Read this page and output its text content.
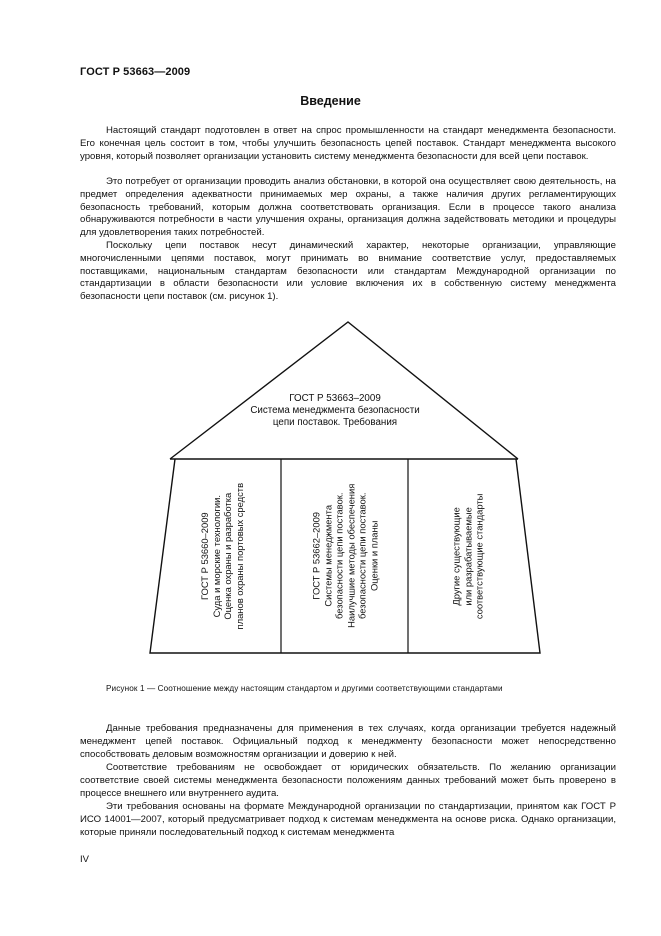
ГОСТ Р 53663—2009
Введение

Настоящий стандарт подготовлен в ответ на спрос промышленности на стандарт менеджмента безопасности. Его конечная цель состоит в том, чтобы улучшить безопасность цепей поставок. Стандарт менеджмента высокого уровня, который позволяет организации установить систему менеджмента безопасности для всей цепи поставок.

Это потребует от организации проводить анализ обстановки, в которой она осуществляет свою деятельность, на предмет определения адекватности принимаемых мер охраны, а также наличия других регламентирующих безопасность требований, которым должна соответствовать организация. Если в процессе такого анализа обнаруживаются потребности в части улучшения охраны, организация должна задействовать методики и процедуры для удовлетворения таких потребностей.

Поскольку цепи поставок несут динамический характер, некоторые организации, управляющие многочисленными цепями поставок, могут принимать во внимание соответствие услуг, предоставляемых поставщиками, национальным стандартам безопасности или стандартам Международной организации по стандартизации в области безопасности или условие включения их в собственную систему менеджмента безопасности цепи поставок (см. рисунок 1).

ГОСТ Р 53663–2009
Система менеджмента безопасности
цепи поставок. Требования
ГОСТ Р 53660–2009 Суда и морские технологии. Оценка охраны и разработка планов охраны портовых средств	ГОСТ Р 53662–2009 Системы менеджмента безопасности цепи поставок. Наилучшие методы обеспечения безопасности цепи поставок. Оценки и планы	Другие существующие или разрабатываемые соответствующие стандарты
Рисунок 1 — Соотношение между настоящим стандартом и другими соответствующими стандартами

Данные требования предназначены для применения в тех случаях, когда организации требуется надежный менеджмент цепей поставок. Официальный подход к менеджменту безопасности может непосредственно способствовать деловым возможностям организации и доверию к ней.

Соответствие требованиям не освобождает от юридических обязательств. По желанию организации соответствие своей системы менеджмента безопасности положениям данных требований может быть проверено в процессе внешнего или внутреннего аудита.

Эти требования основаны на формате Международной организации по стандартизации, принятом как ГОСТ Р ИСО 14001—2007, который предусматривает подход к системам менеджмента на основе риска. Однако организации, которые приняли последовательный подход к системам менеджмента

IV
